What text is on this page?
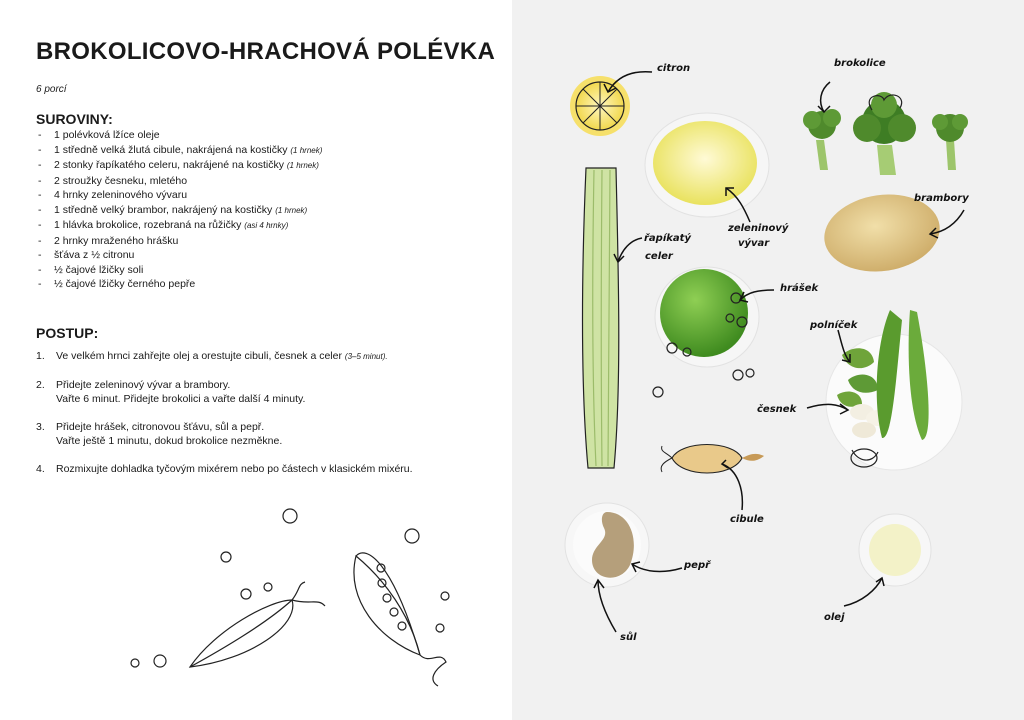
BROKOLICOVO-HRACHOVÁ POLÉVKA
6 porcí
SUROVINY:
- 1 polévková lžíce oleje
- 1 středně velká žlutá cibule, nakrájená na kostičky (1 hrnek)
- 2 stonky řapíkatého celeru, nakrájené na kostičky (1 hrnek)
- 2 stroužky česneku, mletého
- 4 hrnky zeleninového vývaru
- 1 středně velký brambor, nakrájený na kostičky (1 hrnek)
- 1 hlávka brokolice, rozebraná na růžičky (asi 4 hrnky)
- 2 hrnky mraženého hrášku
- šťáva z ½ citronu
- ½ čajové lžičky soli
- ½ čajové lžičky černého pepře
POSTUP:
1. Ve velkém hrnci zahřejte olej a orestujte cibuli, česnek a celer (3–5 minut).
2. Přidejte zeleninový vývar a brambory.
Vařte 6 minut. Přidejte brokolici a vařte další 4 minuty.
3. Přidejte hrášek, citronovou šťávu, sůl a pepř.
Vařte ještě 1 minutu, dokud brokolice nezměkne.
4. Rozmixujte dohladka tyčovým mixérem nebo po částech v klasickém mixéru.
citron	brokolice
brambory
zeleninový
vývar
řapíkatý
celer
hrášek
polníček
česnek
cibule
pepř
sůl
olej
